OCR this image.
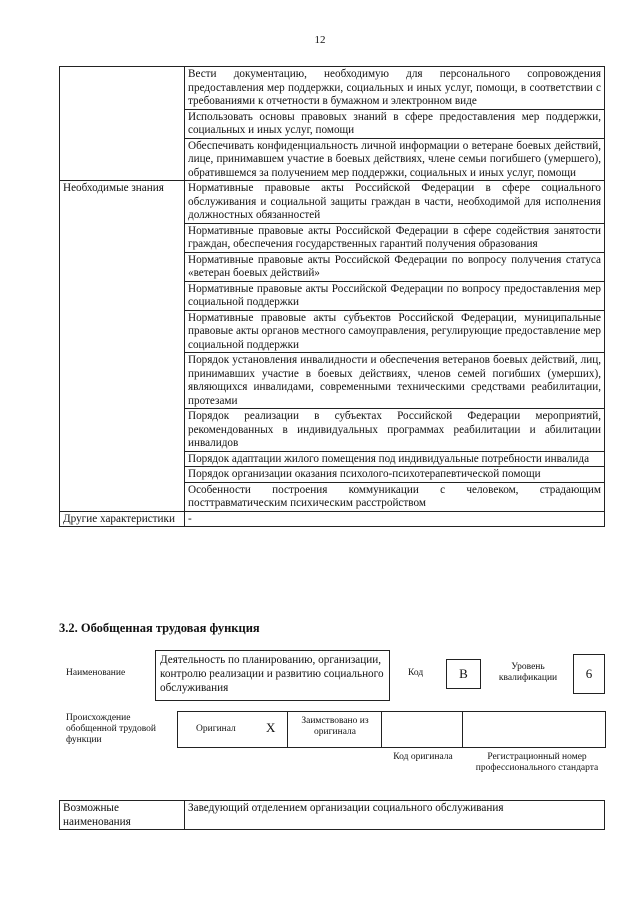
12
	Вести документацию, необходимую для персонального сопровождения предоставления мер поддержки, социальных и иных услуг, помощи, в соответствии с требованиями к отчетности в бумажном и электронном виде
	Использовать основы правовых знаний в сфере предоставления мер поддержки, социальных и иных услуг, помощи
	Обеспечивать конфиденциальность личной информации о ветеране боевых действий, лице, принимавшем участие в боевых действиях, члене семьи погибшего (умершего), обратившемся за получением мер поддержки, социальных и иных услуг, помощи
Необходимые знания	Нормативные правовые акты Российской Федерации в сфере социального обслуживания и социальной защиты граждан в части, необходимой для исполнения должностных обязанностей
	Нормативные правовые акты Российской Федерации в сфере содействия занятости граждан, обеспечения государственных гарантий получения образования
	Нормативные правовые акты Российской Федерации по вопросу получения статуса «ветеран боевых действий»
	Нормативные правовые акты Российской Федерации по вопросу предоставления мер социальной поддержки
	Нормативные правовые акты субъектов Российской Федерации, муниципальные правовые акты органов местного самоуправления, регулирующие предоставление мер социальной поддержки
	Порядок установления инвалидности и обеспечения ветеранов боевых действий, лиц, принимавших участие в боевых действиях, членов семей погибших (умерших), являющихся инвалидами, современными техническими средствами реабилитации, протезами
	Порядок реализации в субъектах Российской Федерации мероприятий, рекомендованных в индивидуальных программах реабилитации и абилитации инвалидов
	Порядок адаптации жилого помещения под индивидуальные потребности инвалида
	Порядок организации оказания психолого-психотерапевтической помощи
	Особенности построения коммуникации с человеком, страдающим посттравматическим психическим расстройством
Другие характеристики	-
3.2. Обобщенная трудовая функция
Наименование
Деятельность по планированию, организации, контролю реализации и развитию социального обслуживания
Код	В	Уровень квалификации	6
Происхождение обобщенной трудовой функции
Оригинал X	Заимствовано из оригинала
Код оригинала	Регистрационный номер профессионального стандарта
Возможные наименования	Заведующий отделением организации социального обслуживания
